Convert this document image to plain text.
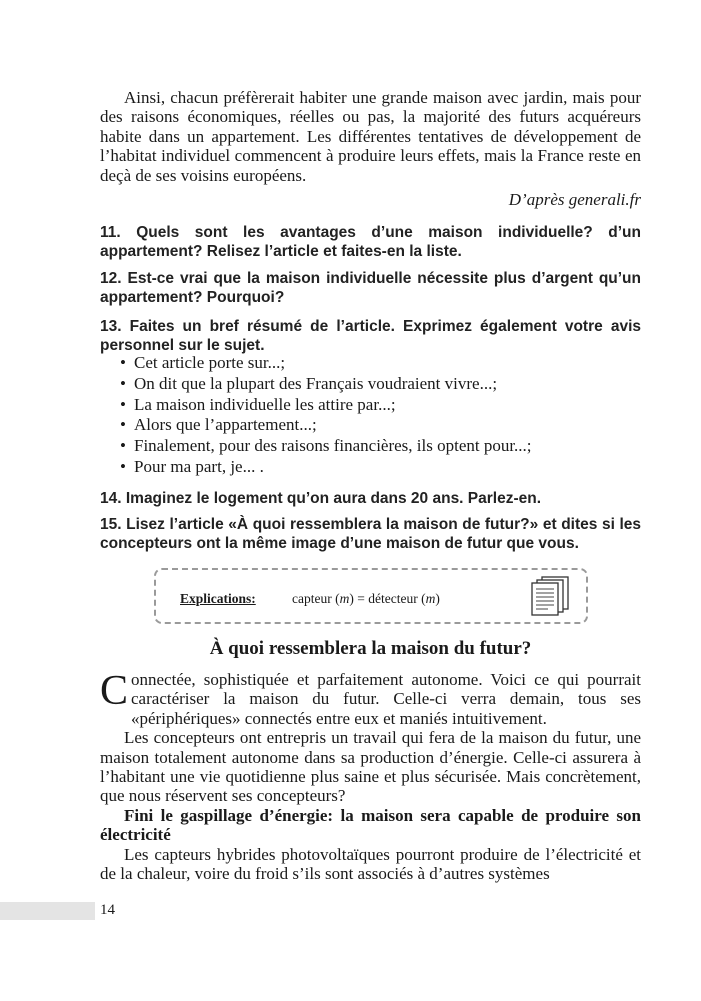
Ainsi, chacun préfèrerait habiter une grande maison avec jardin, mais pour des raisons économiques, réelles ou pas, la majorité des futurs acquéreurs habite dans un appartement. Les différentes tentatives de développement de l’habitat individuel commencent à produire leurs effets, mais la France reste en deçà de ses voisins européens.

D’après generali.fr

11. Quels sont les avantages d’une maison individuelle? d’un appartement? Relisez l’article et faites-en la liste.

12. Est-ce vrai que la maison individuelle nécessite plus d’argent qu’un appartement? Pourquoi?

13. Faites un bref résumé de l’article. Exprimez également votre avis personnel sur le sujet.

• Cet article porte sur...;
• On dit que la plupart des Français voudraient vivre...;
• La maison individuelle les attire par...;
• Alors que l’appartement...;
• Finalement, pour des raisons financières, ils optent pour...;
• Pour ma part, je... .

14. Imaginez le logement qu’on aura dans 20 ans. Parlez-en.

15. Lisez l’article «À quoi ressemblera la maison de futur?» et dites si les concepteurs ont la même image d’une maison de futur que vous.

Explications:	capteur (m) = détecteur (m)
À quoi ressemblera la maison du futur?

Connectée, sophistiquée et parfaitement autonome. Voici ce qui pourrait caractériser la maison du futur. Celle-ci verra demain, tous ses «périphériques» connectés entre eux et maniés intuitivement.

Les concepteurs ont entrepris un travail qui fera de la maison du futur, une maison totalement autonome dans sa production d’énergie. Celle-ci assurera à l’habitant une vie quotidienne plus saine et plus sécurisée. Mais concrètement, que nous réservent ses concepteurs?

Fini le gaspillage d’énergie: la maison sera capable de produire son électricité

Les capteurs hybrides photovoltaïques pourront produire de l’électricité et de la chaleur, voire du froid s’ils sont associés à d’autres systèmes

14
